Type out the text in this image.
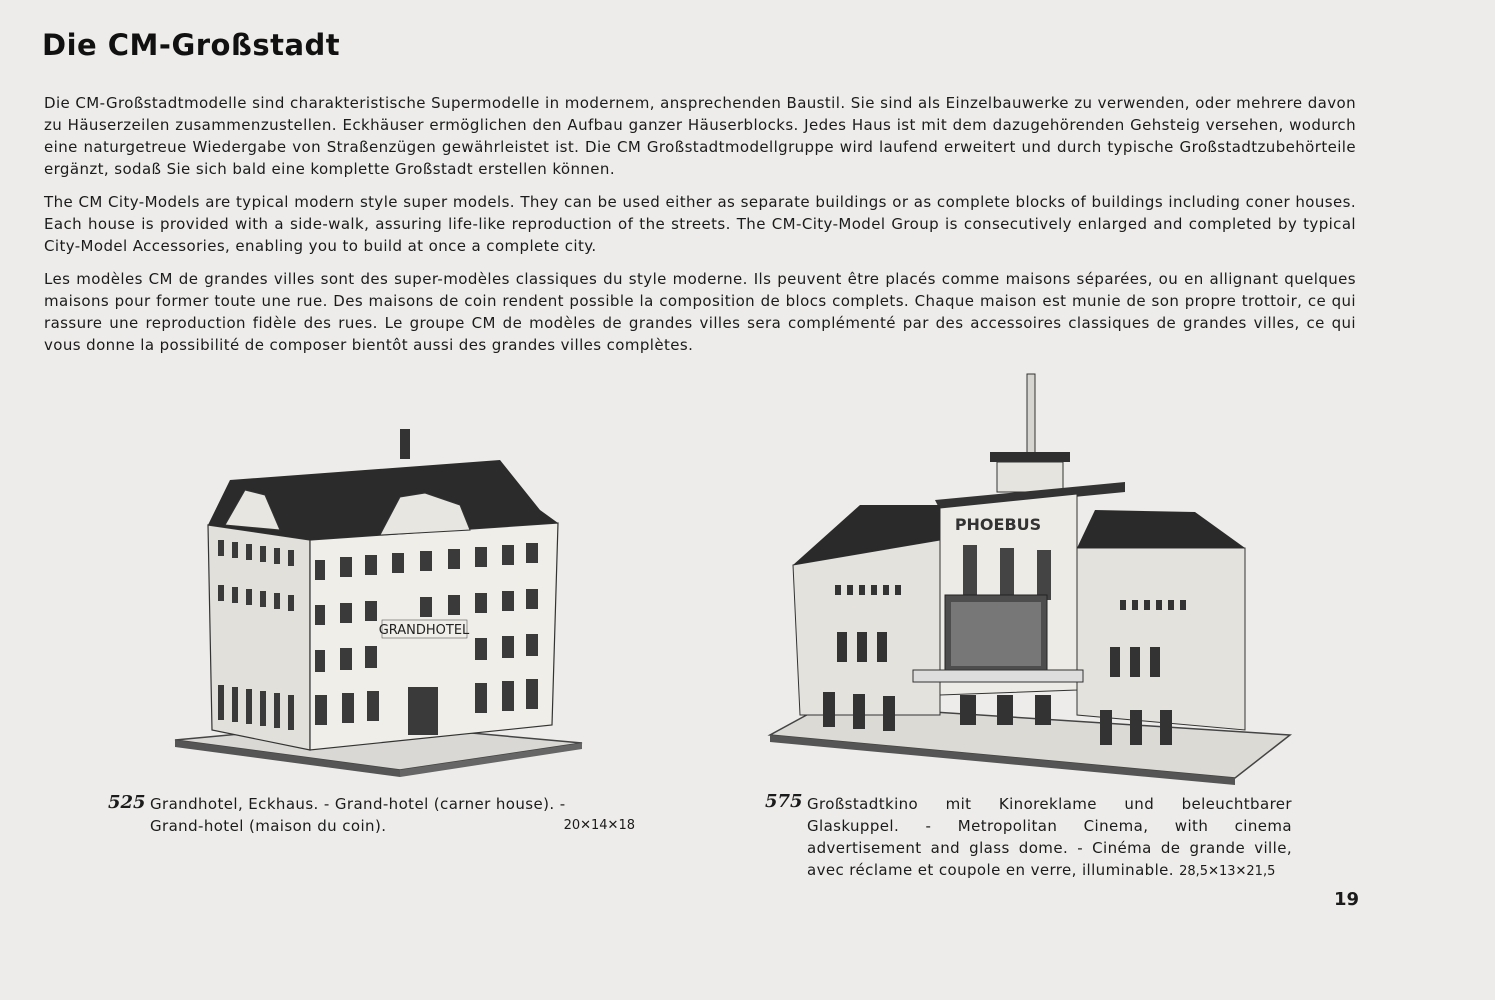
Die CM-Großstadt

Die CM-Großstadtmodelle sind charakteristische Supermodelle in modernem, ansprechenden Baustil. Sie sind als Einzelbauwerke zu verwenden, oder mehrere davon zu Häuserzeilen zusammenzustellen. Eckhäuser ermöglichen den Aufbau ganzer Häuserblocks. Jedes Haus ist mit dem dazugehörenden Gehsteig versehen, wodurch eine naturgetreue Wiedergabe von Straßenzügen gewährleistet ist. Die CM Großstadtmodellgruppe wird laufend erweitert und durch typische Großstadtzubehörteile ergänzt, sodaß Sie sich bald eine komplette Großstadt erstellen können.

The CM City-Models are typical modern style super models. They can be used either as separate buildings or as complete blocks of buildings including coner houses. Each house is provided with a side-walk, assuring life-like reproduction of the streets. The CM-City-Model Group is consecutively enlarged and completed by typical City-Model Accessories, enabling you to build at once a complete city.

Les modèles CM de grandes villes sont des super-modèles classiques du style moderne. Ils peuvent être placés comme maisons séparées, ou en allignant quelques maisons pour former toute une rue. Des maisons de coin rendent possible la composition de blocs complets. Chaque maison est munie de son propre trottoir, ce qui rassure une reproduction fidèle des rues. Le groupe CM de modèles de grandes villes sera complémenté par des accessoires classiques de grandes villes, ce qui vous donne la possibilité de composer bientôt aussi des grandes villes complètes.

GRANDHOTEL
PHOEBUS
525 Grandhotel, Eckhaus. - Grand-hotel (carner house). -
Grand-hotel (maison du coin).	20✕14✕18
575 Großstadtkino mit Kinoreklame und beleuchtbarer Glaskuppel. - Metropolitan Cinema, with cinema advertisement and glass dome. - Cinéma de grande ville, avec réclame et coupole en verre, illuminable. 28,5✕13✕21,5
19
